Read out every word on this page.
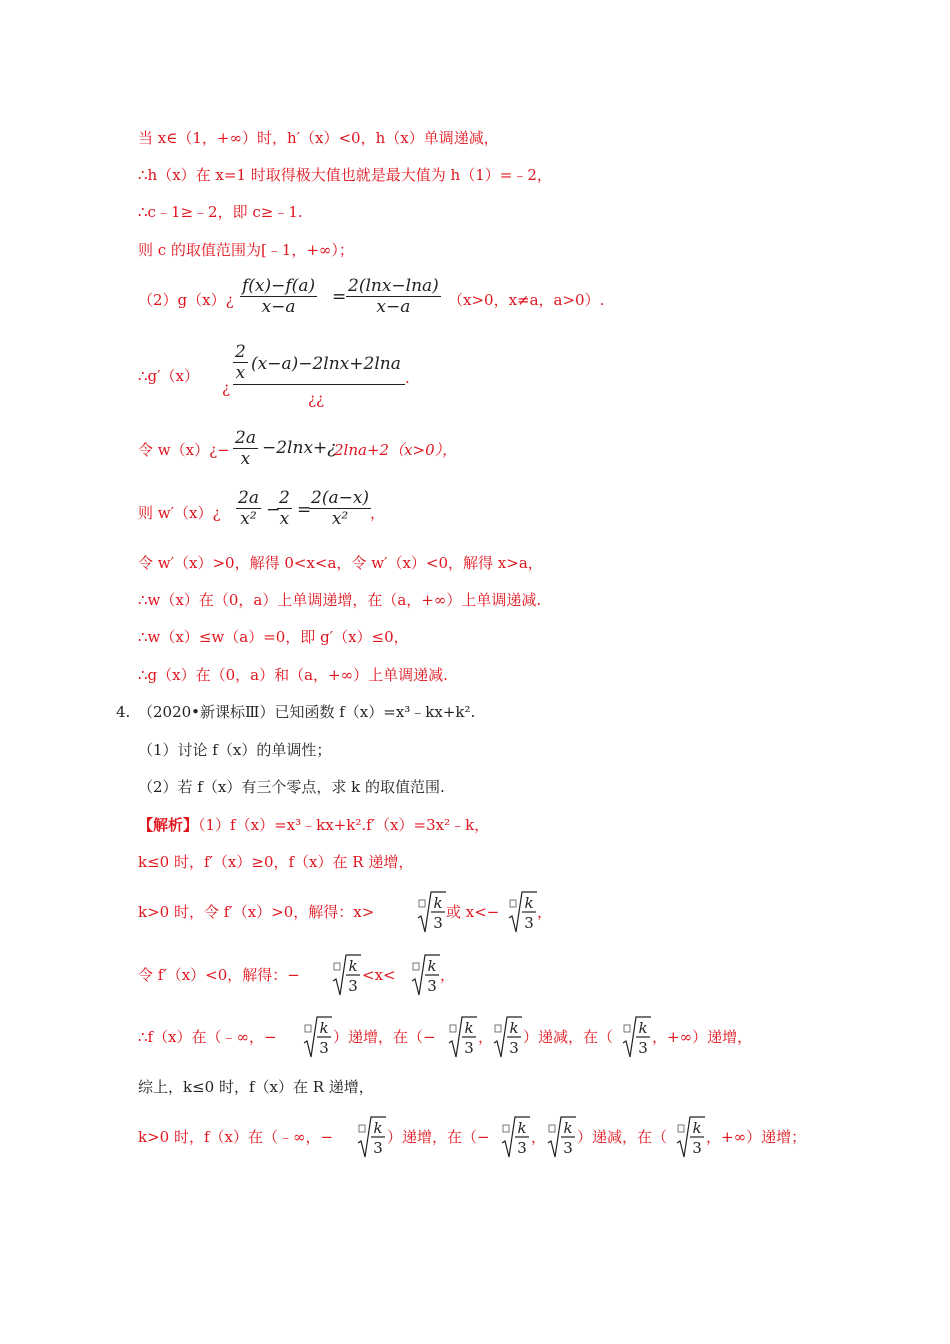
当 x∈（1，+∞）时，h′（x）<0，h（x）单调递减，
∴h（x）在 x=1 时取得极大值也就是最大值为 h（1）=﹣2，
∴c﹣1≥﹣2，即 c≥﹣1.
则 c 的取值范围为[﹣1，+∞）；
（2）g（x）¿
f(x)−f(a)
x−a	=
2(lnx−lna)
x−a	（x>0，x≠a，a>0）.
∴g′（x）
¿
2
x (x−a)−2lnx+2lna
¿¿
.
令 w（x）¿−
2a
x
−2lnx+¿
2lna+2（x>0），
则 w′（x）¿
2a
x² −
2
x =
2(a−x)
x²	，
令 w′（x）>0，解得 0<x<a，令 w′（x）<0，解得 x>a，
∴w（x）在（0，a）上单调递增，在（a，+∞）上单调递减.
∴w（x）≤w（a）=0，即 g′（x）≤0，
∴g（x）在（0，a）和（a，+∞）上单调递减.
4. （2020•新课标Ⅲ）已知函数 f（x）=x³﹣kx+k².
（1）讨论 f（x）的单调性；
（2）若 f（x）有三个零点，求 k 的取值范围.
【解析】（1）f（x）=x³﹣kx+k².f′（x）=3x²﹣k，
k≤0 时，f′（x）≥0，f（x）在 R 递增，
k>0 时，令 f′（x）>0，解得：x>	k
3
或 x<− k
3
，
令 f′（x）<0，解得：−	k
3
<x< k
3
，
∴f（x）在（﹣∞，−	k
3
）递增，在（− k
3
， k
3
）递减，在（ k
3
，+∞）递增，
综上，k≤0 时，f（x）在 R 递增，
k>0 时，f（x）在（﹣∞，−	k
3
）递增，在（− k
3
， k
3
）递减，在（ k
3
，+∞）递增；
